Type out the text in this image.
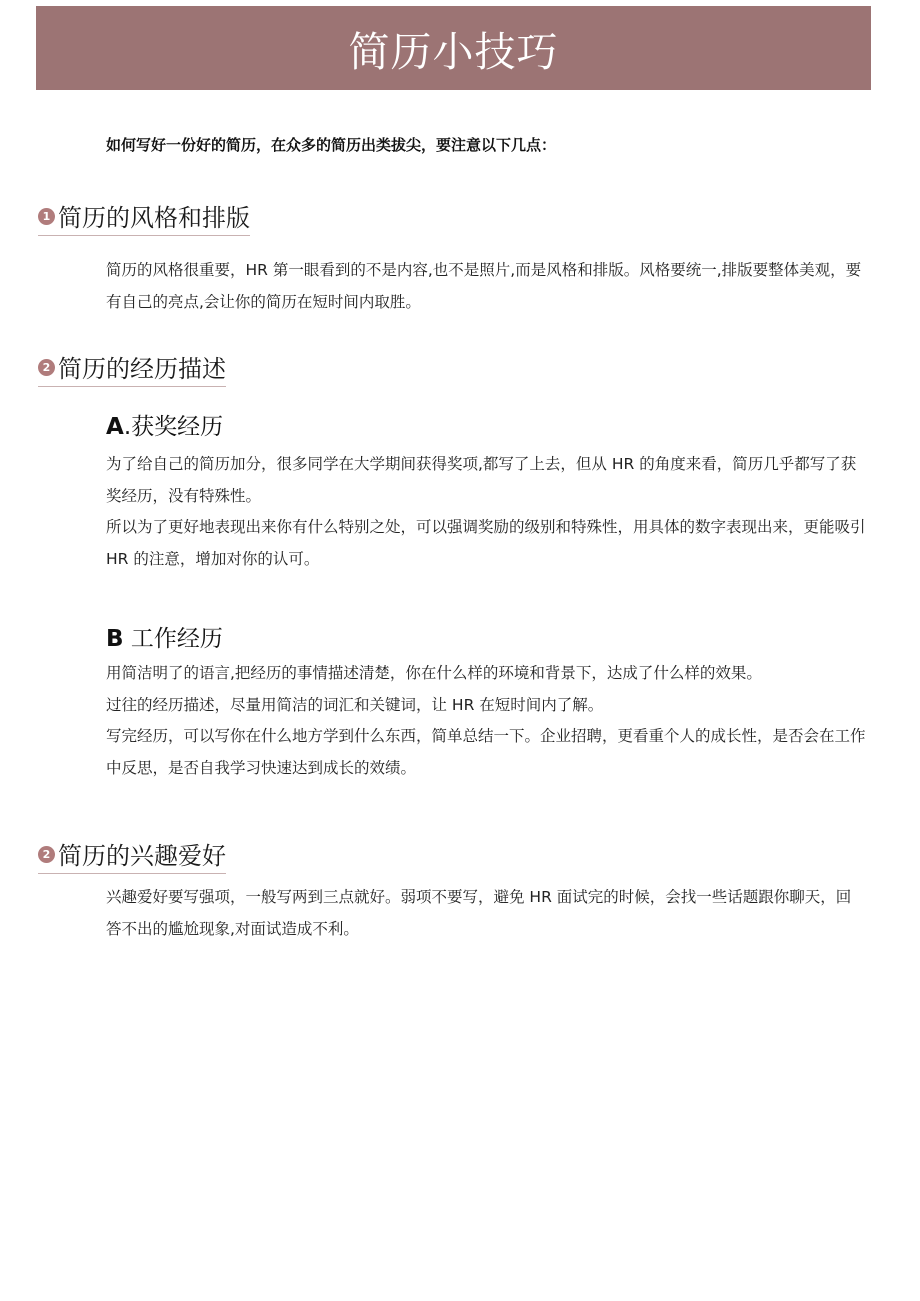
简历小技巧
如何写好一份好的简历，在众多的简历出类拔尖，要注意以下几点：
1 简历的风格和排版

简历的风格很重要，HR 第一眼看到的不是内容,也不是照片,而是风格和排版。风格要统一,排版要整体美观，要有自己的亮点,会让你的简历在短时间内取胜。

2 简历的经历描述
A.获奖经历

为了给自己的简历加分，很多同学在大学期间获得奖项,都写了上去，但从 HR 的角度来看，简历几乎都写了获奖经历，没有特殊性。

所以为了更好地表现出来你有什么特别之处，可以强调奖励的级别和特殊性，用具体的数字表现出来，更能吸引 HR 的注意，增加对你的认可。

B 工作经历

用简洁明了的语言,把经历的事情描述清楚，你在什么样的环境和背景下，达成了什么样的效果。

过往的经历描述，尽量用简洁的词汇和关键词，让 HR 在短时间内了解。

写完经历，可以写你在什么地方学到什么东西，简单总结一下。企业招聘，更看重个人的成长性，是否会在工作中反思，是否自我学习快速达到成长的效绩。

2 简历的兴趣爱好

兴趣爱好要写强项，一般写两到三点就好。弱项不要写，避免 HR 面试完的时候，会找一些话题跟你聊天，回答不出的尴尬现象,对面试造成不利。
